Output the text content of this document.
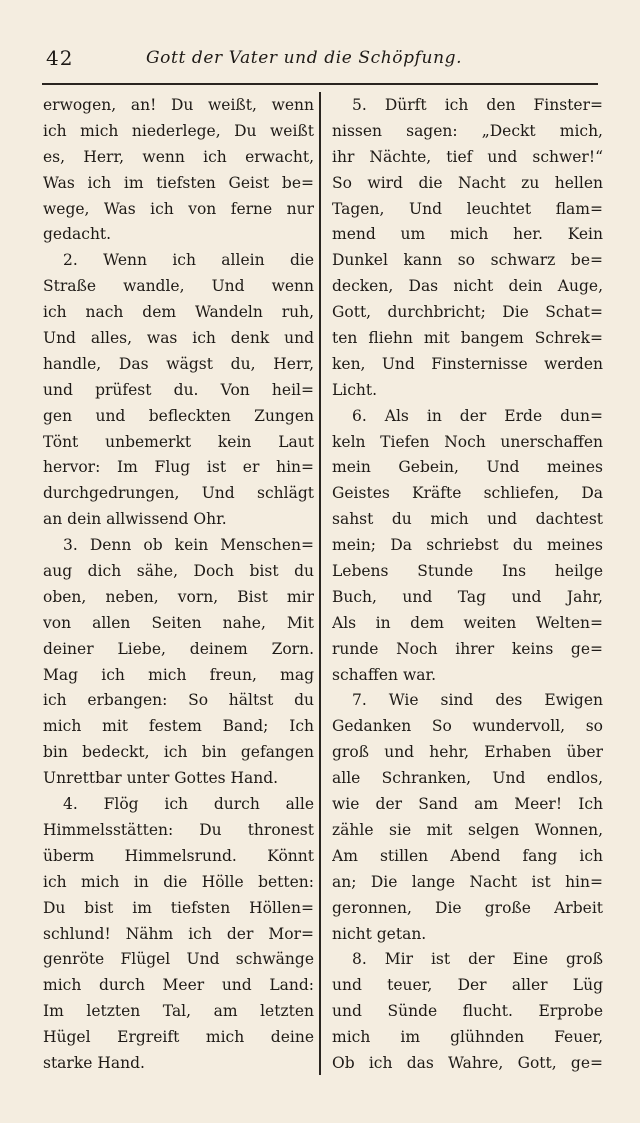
42	Gott der Vater und die Schöpfung.
erwogen, an! Du weißt, wenn
ich mich niederlege, Du weißt
es, Herr, wenn ich erwacht,
Was ich im tiefsten Geist be=
wege, Was ich von ferne nur
gedacht.
2. Wenn ich allein die
Straße wandle, Und wenn
ich nach dem Wandeln ruh,
Und alles, was ich denk und
handle, Das wägst du, Herr,
und prüfest du. Von heil=
gen und befleckten Zungen
Tönt unbemerkt kein Laut
hervor: Im Flug ist er hin=
durchgedrungen, Und schlägt
an dein allwissend Ohr.
3. Denn ob kein Menschen=
aug dich sähe, Doch bist du
oben, neben, vorn, Bist mir
von allen Seiten nahe, Mit
deiner Liebe, deinem Zorn.
Mag ich mich freun, mag
ich erbangen: So hältst du
mich mit festem Band; Ich
bin bedeckt, ich bin gefangen
Unrettbar unter Gottes Hand.
4. Flög ich durch alle
Himmelsstätten: Du thronest
überm Himmelsrund. Könnt
ich mich in die Hölle betten:
Du bist im tiefsten Höllen=
schlund! Nähm ich der Mor=
genröte Flügel Und schwänge
mich durch Meer und Land:
Im letzten Tal, am letzten
Hügel Ergreift mich deine
starke Hand.
5. Dürft ich den Finster=
nissen sagen: „Deckt mich,
ihr Nächte, tief und schwer!“
So wird die Nacht zu hellen
Tagen, Und leuchtet flam=
mend um mich her. Kein
Dunkel kann so schwarz be=
decken, Das nicht dein Auge,
Gott, durchbricht; Die Schat=
ten fliehn mit bangem Schrek=
ken, Und Finsternisse werden
Licht.
6. Als in der Erde dun=
keln Tiefen Noch unerschaffen
mein Gebein, Und meines
Geistes Kräfte schliefen, Da
sahst du mich und dachtest
mein; Da schriebst du meines
Lebens Stunde Ins heilge
Buch, und Tag und Jahr,
Als in dem weiten Welten=
runde Noch ihrer keins ge=
schaffen war.
7. Wie sind des Ewigen
Gedanken So wundervoll, so
groß und hehr, Erhaben über
alle Schranken, Und endlos,
wie der Sand am Meer! Ich
zähle sie mit selgen Wonnen,
Am stillen Abend fang ich
an; Die lange Nacht ist hin=
geronnen, Die große Arbeit
nicht getan.
8. Mir ist der Eine groß
und teuer, Der aller Lüg
und Sünde flucht. Erprobe
mich im glühnden Feuer,
Ob ich das Wahre, Gott, ge=
